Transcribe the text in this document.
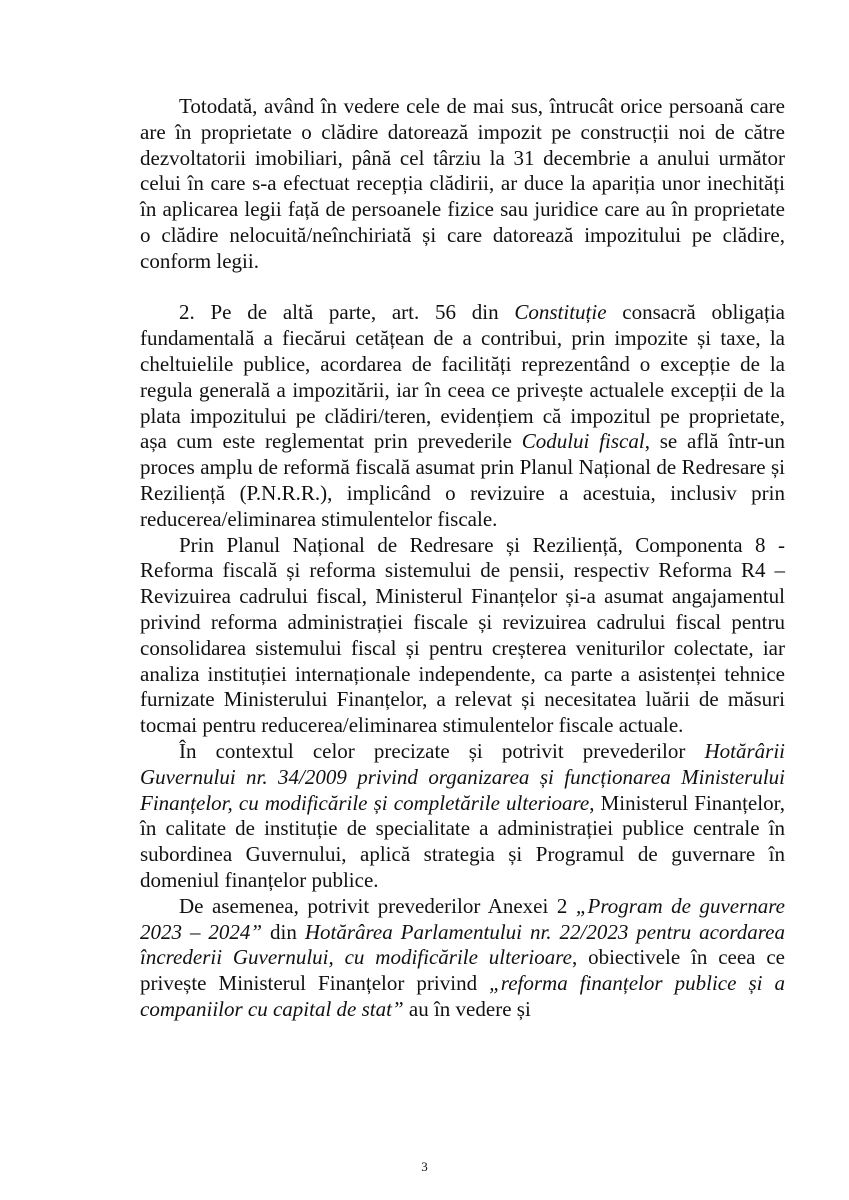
Totodată, având în vedere cele de mai sus, întrucât orice persoană care are în proprietate o clădire datorează impozit pe construcții noi de către dezvoltatorii imobiliari, până cel târziu la 31 decembrie a anului următor celui în care s-a efectuat recepția clădirii, ar duce la apariția unor inechități în aplicarea legii față de persoanele fizice sau juridice care au în proprietate o clădire nelocuită/neînchiriată și care datorează impozitului pe clădire, conform legii.

2. Pe de altă parte, art. 56 din Constituție consacră obligația fundamentală a fiecărui cetățean de a contribui, prin impozite și taxe, la cheltuielile publice, acordarea de facilități reprezentând o excepție de la regula generală a impozitării, iar în ceea ce privește actualele excepții de la plata impozitului pe clădiri/teren, evidențiem că impozitul pe proprietate, așa cum este reglementat prin prevederile Codului fiscal, se află într-un proces amplu de reformă fiscală asumat prin Planul Național de Redresare și Reziliență (P.N.R.R.), implicând o revizuire a acestuia, inclusiv prin reducerea/eliminarea stimulentelor fiscale.

Prin Planul Național de Redresare și Reziliență, Componenta 8 - Reforma fiscală și reforma sistemului de pensii, respectiv Reforma R4 – Revizuirea cadrului fiscal, Ministerul Finanțelor și-a asumat angajamentul privind reforma administrației fiscale și revizuirea cadrului fiscal pentru consolidarea sistemului fiscal și pentru creșterea veniturilor colectate, iar analiza instituției internaționale independente, ca parte a asistenței tehnice furnizate Ministerului Finanțelor, a relevat și necesitatea luării de măsuri tocmai pentru reducerea/eliminarea stimulentelor fiscale actuale.

În contextul celor precizate și potrivit prevederilor Hotărârii Guvernului nr. 34/2009 privind organizarea și funcționarea Ministerului Finanțelor, cu modificările și completările ulterioare, Ministerul Finanțelor, în calitate de instituție de specialitate a administrației publice centrale în subordinea Guvernului, aplică strategia și Programul de guvernare în domeniul finanțelor publice.

De asemenea, potrivit prevederilor Anexei 2 „Program de guvernare 2023 – 2024” din Hotărârea Parlamentului nr. 22/2023 pentru acordarea încrederii Guvernului, cu modificările ulterioare, obiectivele în ceea ce privește Ministerul Finanțelor privind „reforma finanțelor publice și a companiilor cu capital de stat” au în vedere și

3
